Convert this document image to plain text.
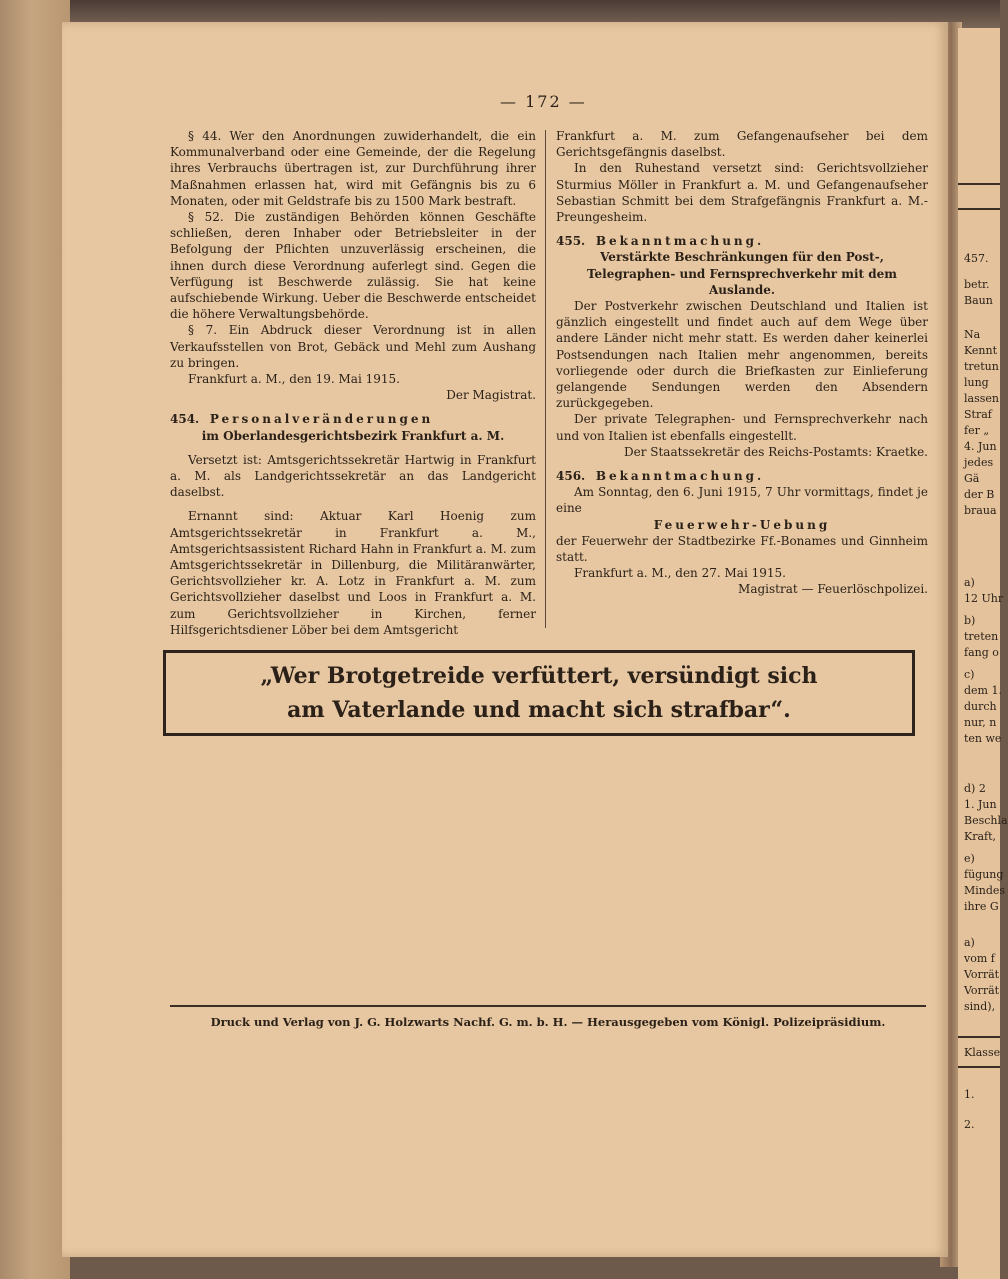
457.
betr.
Baun
Na
Kennt
tretun
lung
lassen
Straf
fer „
4. Jun
jedes
Gä
der B
braua
a)
12 Uhr
b)
treten
fang o
c)
dem 1.
durch
nur, n
ten we
d) 2
1. Jun
Beschla
Kraft,
e)
fügung
Mindes
ihre G
a)
vom f
Vorrät
Vorrät
sind),
Klasse
1.
2.
— 172 —

§ 44. Wer den Anordnungen zuwiderhandelt, die ein Kommunalverband oder eine Gemeinde, der die Regelung ihres Verbrauchs übertragen ist, zur Durchführung ihrer Maßnahmen erlassen hat, wird mit Gefängnis bis zu 6 Monaten, oder mit Geldstrafe bis zu 1500 Mark bestraft.

§ 52. Die zuständigen Behörden können Geschäfte schließen, deren Inhaber oder Betriebsleiter in der Befolgung der Pflichten unzuverlässig erscheinen, die ihnen durch diese Verordnung auferlegt sind. Gegen die Verfügung ist Beschwerde zulässig. Sie hat keine aufschiebende Wirkung. Ueber die Beschwerde entscheidet die höhere Verwaltungsbehörde.

§ 7. Ein Abdruck dieser Verordnung ist in allen Verkaufsstellen von Brot, Gebäck und Mehl zum Aushang zu bringen.

Frankfurt a. M., den 19. Mai 1915.

Der Magistrat.

454. Personalveränderungen

im Oberlandesgerichtsbezirk Frankfurt a. M.

Versetzt ist: Amtsgerichtssekretär Hartwig in Frankfurt a. M. als Landgerichtssekretär an das Landgericht daselbst.

Ernannt sind: Aktuar Karl Hoenig zum Amtsgerichtssekretär in Frankfurt a. M., Amtsgerichtsassistent Richard Hahn in Frankfurt a. M. zum Amtsgerichtssekretär in Dillenburg, die Militäranwärter, Gerichtsvollzieher kr. A. Lotz in Frankfurt a. M. zum Gerichtsvollzieher daselbst und Loos in Frankfurt a. M. zum Gerichtsvollzieher in Kirchen, ferner Hilfsgerichtsdiener Löber bei dem Amtsgericht

Frankfurt a. M. zum Gefangenaufseher bei dem Gerichtsgefängnis daselbst.

In den Ruhestand versetzt sind: Gerichtsvollzieher Sturmius Möller in Frankfurt a. M. und Gefangenaufseher Sebastian Schmitt bei dem Strafgefängnis Frankfurt a. M.-Preungesheim.

455. Bekanntmachung.

Verstärkte Beschränkungen für den Post-, Telegraphen- und Fernsprechverkehr mit dem Auslande.

Der Postverkehr zwischen Deutschland und Italien ist gänzlich eingestellt und findet auch auf dem Wege über andere Länder nicht mehr statt. Es werden daher keinerlei Postsendungen nach Italien mehr angenommen, bereits vorliegende oder durch die Briefkasten zur Einlieferung gelangende Sendungen werden den Absendern zurückgegeben.

Der private Telegraphen- und Fernsprechverkehr nach und von Italien ist ebenfalls eingestellt.

Der Staatssekretär des Reichs-Postamts: Kraetke.

456. Bekanntmachung.

Am Sonntag, den 6. Juni 1915, 7 Uhr vormittags, findet je eine

Feuerwehr-Uebung

der Feuerwehr der Stadtbezirke Ff.-Bonames und Ginnheim statt.

Frankfurt a. M., den 27. Mai 1915.

Magistrat — Feuerlöschpolizei.

„Wer Brotgetreide verfüttert, versündigt sich
am Vaterlande und macht sich strafbar“.
Druck und Verlag von J. G. Holzwarts Nachf. G. m. b. H. — Herausgegeben vom Königl. Polizeipräsidium.
